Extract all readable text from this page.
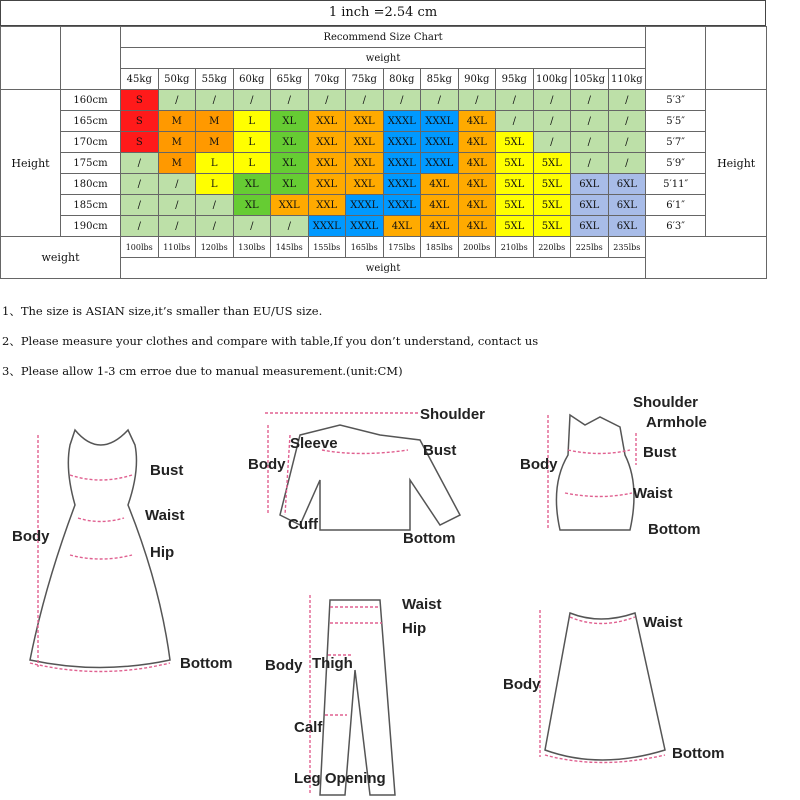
1 inch =2.54 cm
		Recommend Size Chart															
		weight															
		45kg	50kg	55kg	60kg	65kg	70kg	75kg	80kg	85kg	90kg	95kg	100kg	105kg	110kg		
Height	160cm	S	/	/	/	/	/	/	/	/	/	/	/	/	/	5′3″	Height
	165cm	S	M	M	L	XL	XXL	XXL	XXXL	XXXL	4XL	/	/	/	/	5′5″	
	170cm	S	M	M	L	XL	XXL	XXL	XXXL	XXXL	4XL	5XL	/	/	/	5′7″	
	175cm	/	M	L	L	XL	XXL	XXL	XXXL	XXXL	4XL	5XL	5XL	/	/	5′9″	
	180cm	/	/	L	XL	XL	XXL	XXL	XXXL	4XL	4XL	5XL	5XL	6XL	6XL	5′11″	
	185cm	/	/	/	XL	XXL	XXL	XXXL	XXXL	4XL	4XL	5XL	5XL	6XL	6XL	6′1″	
	190cm	/	/	/	/	/	XXXL	XXXL	4XL	4XL	4XL	5XL	5XL	6XL	6XL	6′3″	
weight		100lbs	110lbs	120lbs	130lbs	145lbs	155lbs	165lbs	175lbs	185lbs	200lbs	210lbs	220lbs	225lbs	235lbs		
		weight															
1、The size is ASIAN size,it’s smaller than EU/US size.
2、Please measure your clothes and compare with table,If you don’t understand, contact us
3、Please allow 1-3 cm erroe due to manual measurement.(unit:CM)
Bust
Waist
Hip
Body
Bottom
Shoulder
Sleeve
Body
Bust
Cuff
Bottom
Shoulder
Armhole
Body
Bust
Waist
Bottom
Waist
Hip
Body Thigh
Calf
Leg Opening
Waist
Body
Bottom
